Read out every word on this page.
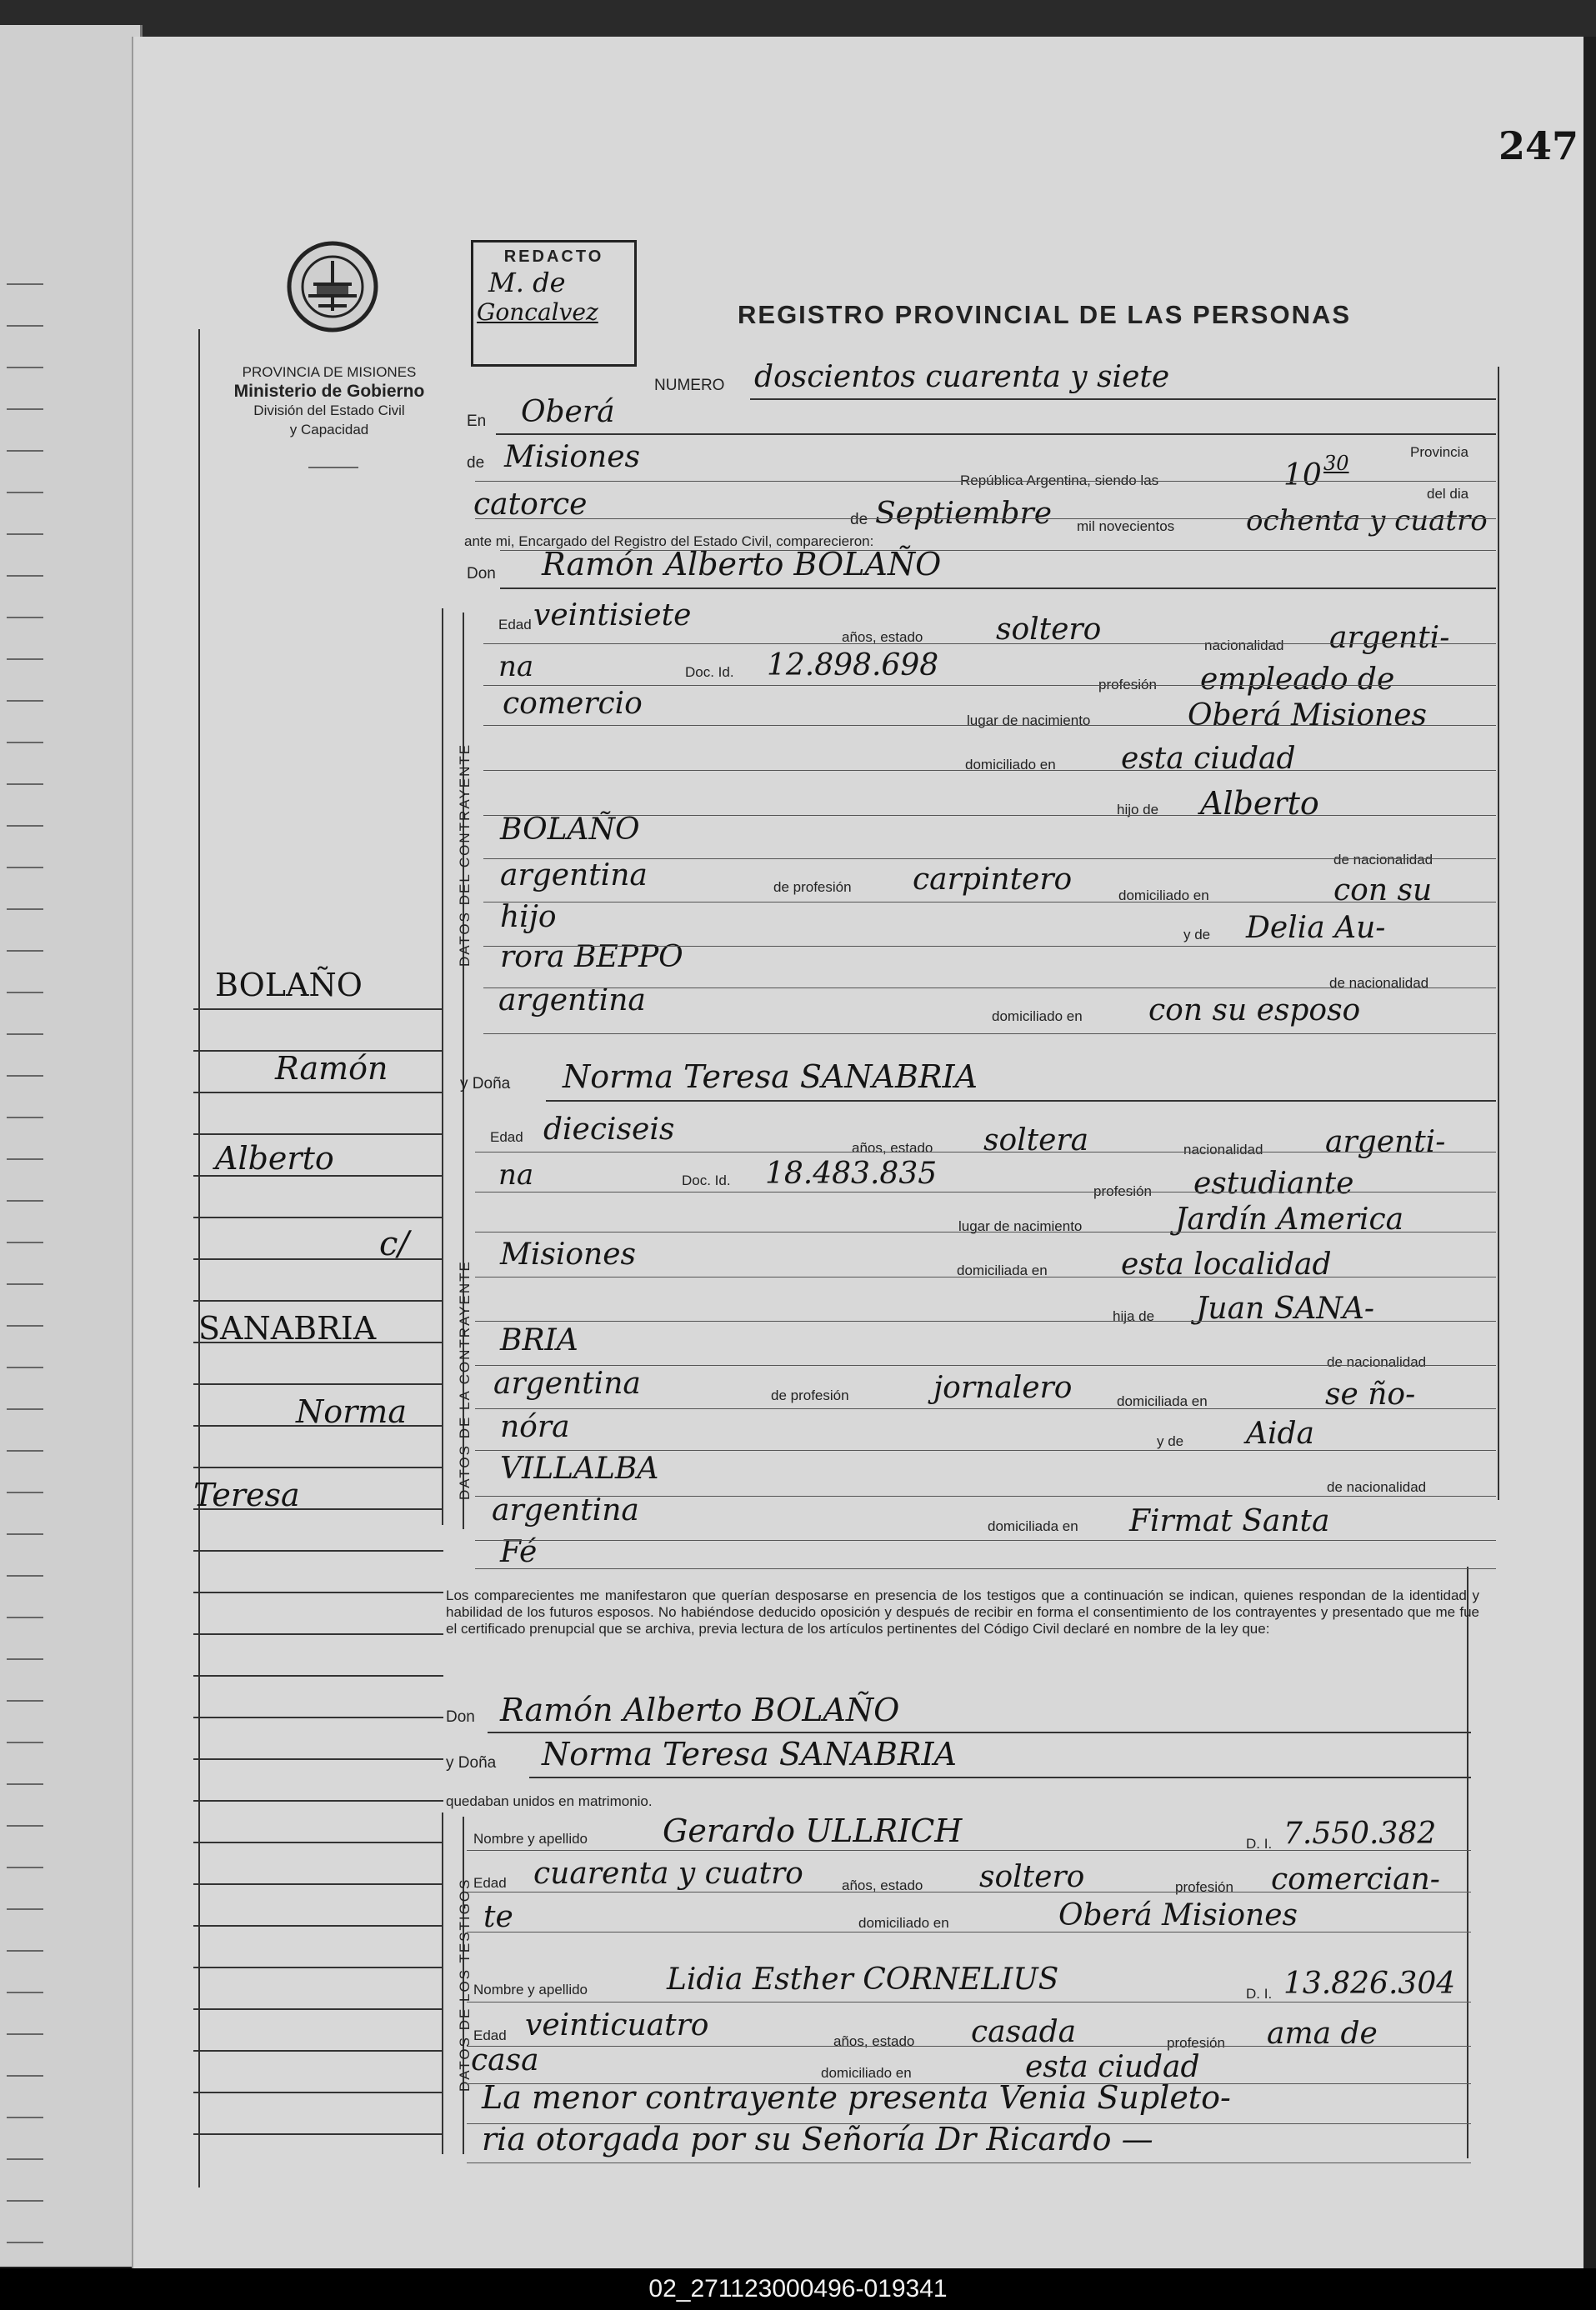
247
PROVINCIA DE MISIONES
Ministerio de Gobierno
División del Estado Civil
y Capacidad
REDACTO
M. de
Goncalvez	REGISTRO PROVINCIAL DE LAS PERSONAS
DATOS DEL CONTRAYENTE
DATOS DE LA CONTRAYENTE
DATOS DE LOS TESTIGOS
NUMERO doscientos cuarenta y siete
En Oberá
Provincia
de Misiones
República Argentina, siendo las	10 30
del dia
catorce	de Septiembre mil novecientos	ochenta y cuatro
ante mi, Encargado del Registro del Estado Civil, comparecieron:
Don Ramón Alberto BOLAÑO
Edad veintisiete
años, estado soltero	nacionalidad argenti-
na	Doc. Id. 12.898.698
profesión empleado de
comercio	lugar de nacimiento	Oberá Misiones
domiciliado en esta ciudad
hijo de Alberto
BOLAÑO
de nacionalidad
argentina	de profesión carpintero	domiciliado en	con su
hijo
y de Delia Au-
rora BEPPO
de nacionalidad
argentina	domiciliado en con su esposo
y Doña Norma Teresa SANABRIA
Edad dieciseis
años, estado soltera	nacionalidad argenti-
na	Doc. Id. 18.483.835
profesión estudiante
lugar de nacimiento	Jardín America
Misiones	domiciliada en esta localidad
hija de Juan SANA-
BRIA
de nacionalidad
argentina	de profesión	jornalero	domiciliada en	se ño-
nóra	y de Aida
VILLALBA
de nacionalidad
argentina	domiciliada en Firmat Santa
Fé
Los comparecientes me manifestaron que querían desposarse en presencia de los testigos que a continuación se indican, quienes respondan de la identidad y habilidad de los futuros esposos. No habiéndose deducido oposición y después de recibir en forma el consentimiento de los contrayentes y presentado que me fue el certificado prenupcial que se archiva, previa lectura de los artículos pertinentes del Código Civil declaré en nombre de la ley que:
Don Ramón Alberto BOLAÑO
y Doña Norma Teresa SANABRIA
quedaban unidos en matrimonio.
Nombre y apellido Gerardo ULLRICH	D. I. 7.550.382
Edad cuarenta y cuatro	años, estado soltero	profesión comercian-
te	domiciliado en	Oberá Misiones
Nombre y apellido	Lidia Esther CORNELIUS	D. I. 13.826.304
Edad veinticuatro	años, estado casada	profesión ama de
casa	domiciliado en	esta ciudad
La menor contrayente presenta Venia Supleto-
ria otorgada por su Señoría Dr Ricardo —
BOLAÑO
Ramón
Alberto
c/
SANABRIA
Norma
Teresa
02_271123000496-019341
